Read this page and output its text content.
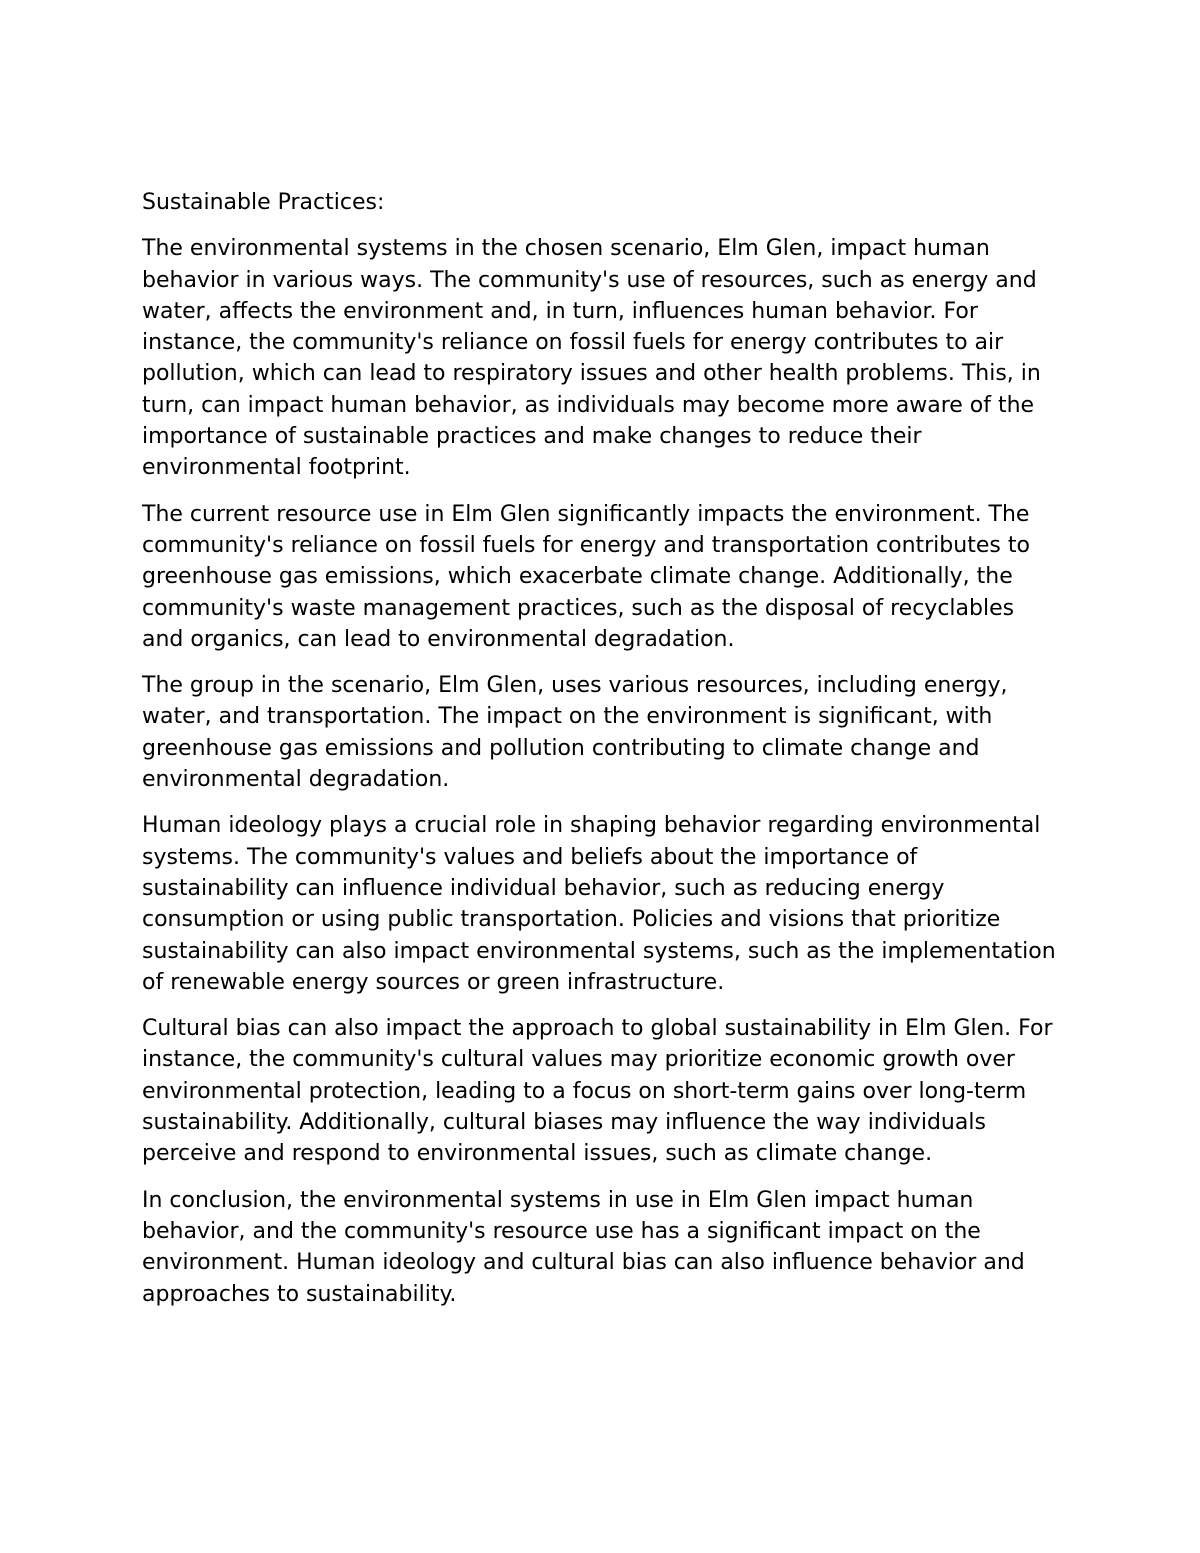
Sustainable Practices:

The environmental systems in the chosen scenario, Elm Glen, impact human behavior in various ways. The community's use of resources, such as energy and water, affects the environment and, in turn, influences human behavior. For instance, the community's reliance on fossil fuels for energy contributes to air pollution, which can lead to respiratory issues and other health problems. This, in turn, can impact human behavior, as individuals may become more aware of the importance of sustainable practices and make changes to reduce their environmental footprint.

The current resource use in Elm Glen significantly impacts the environment. The community's reliance on fossil fuels for energy and transportation contributes to greenhouse gas emissions, which exacerbate climate change. Additionally, the community's waste management practices, such as the disposal of recyclables and organics, can lead to environmental degradation.

The group in the scenario, Elm Glen, uses various resources, including energy, water, and transportation. The impact on the environment is significant, with greenhouse gas emissions and pollution contributing to climate change and environmental degradation.

Human ideology plays a crucial role in shaping behavior regarding environmental systems. The community's values and beliefs about the importance of sustainability can influence individual behavior, such as reducing energy consumption or using public transportation. Policies and visions that prioritize sustainability can also impact environmental systems, such as the implementation of renewable energy sources or green infrastructure.

Cultural bias can also impact the approach to global sustainability in Elm Glen. For instance, the community's cultural values may prioritize economic growth over environmental protection, leading to a focus on short-term gains over long-term sustainability. Additionally, cultural biases may influence the way individuals perceive and respond to environmental issues, such as climate change.

In conclusion, the environmental systems in use in Elm Glen impact human behavior, and the community's resource use has a significant impact on the environment. Human ideology and cultural bias can also influence behavior and approaches to sustainability.
